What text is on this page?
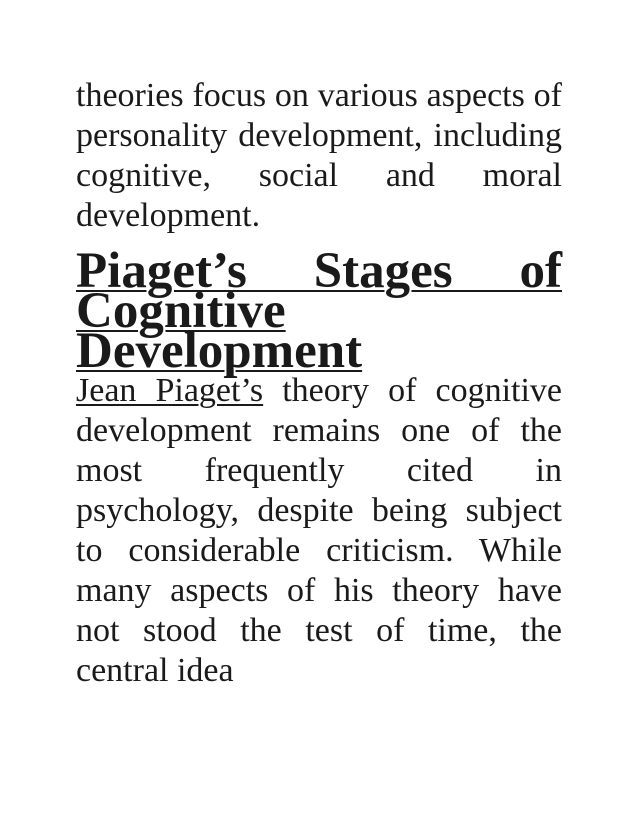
theories focus on various aspects of personality development, including cognitive, social and moral development.

Piaget’s Stages of Cognitive Development

Jean Piaget’s theory of cognitive development remains one of the most frequently cited in psychology, despite being subject to considerable criticism. While many aspects of his theory have not stood the test of time, the central idea
